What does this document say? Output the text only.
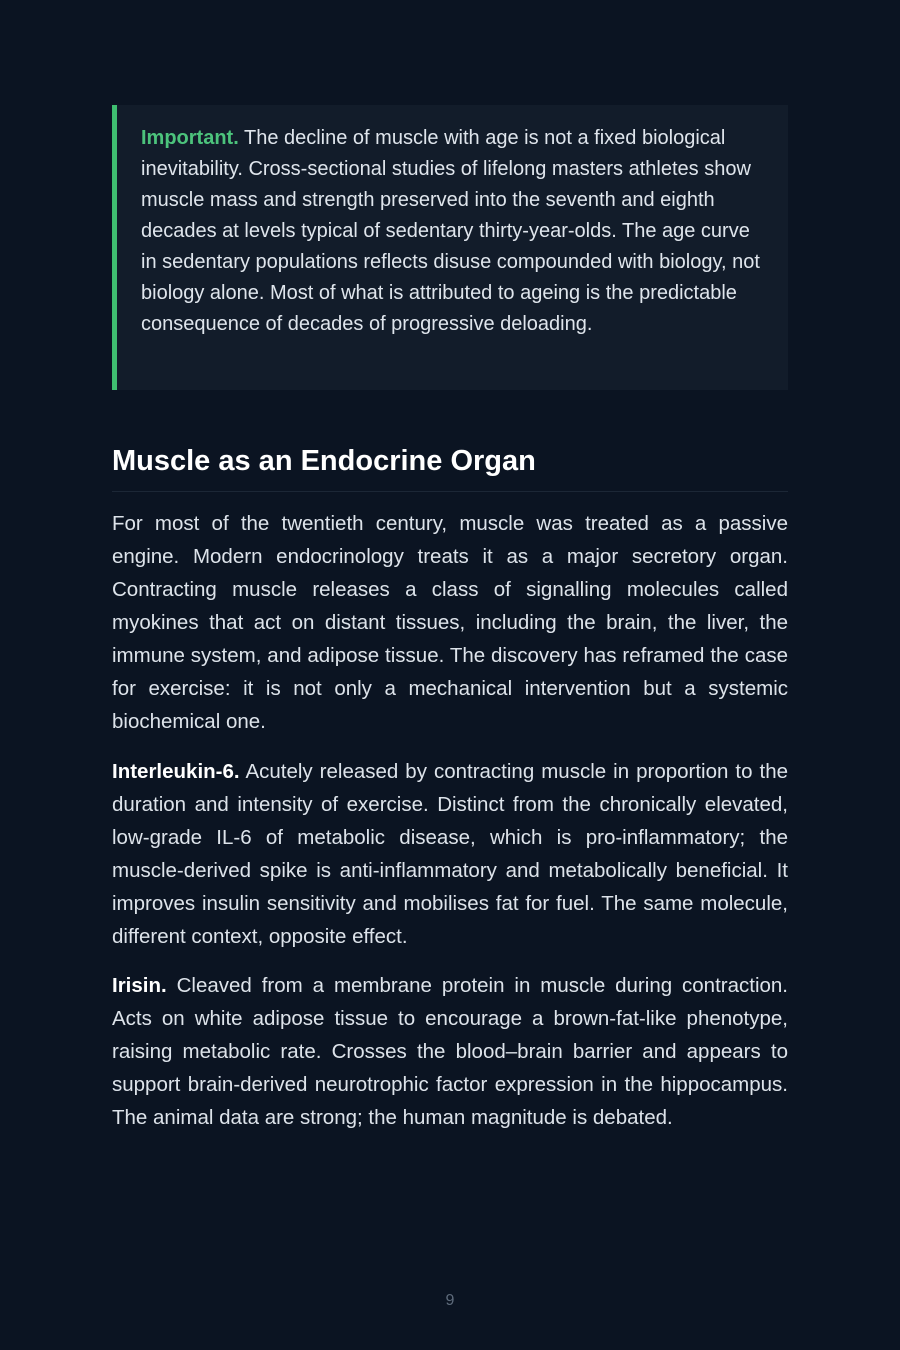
Important. The decline of muscle with age is not a fixed biological inevitability. Cross-sectional studies of lifelong masters athletes show muscle mass and strength preserved into the seventh and eighth decades at levels typical of sedentary thirty-year-olds. The age curve in sedentary populations reflects disuse compounded with biology, not biology alone. Most of what is attributed to ageing is the predictable consequence of decades of progressive deloading.
Muscle as an Endocrine Organ

For most of the twentieth century, muscle was treated as a passive engine. Modern endocrinology treats it as a major secretory organ. Contracting muscle releases a class of signalling molecules called myokines that act on distant tissues, including the brain, the liver, the immune system, and adipose tissue. The discovery has reframed the case for exercise: it is not only a mechanical intervention but a systemic biochemical one.

Interleukin-6. Acutely released by contracting muscle in proportion to the duration and intensity of exercise. Distinct from the chronically elevated, low-grade IL-6 of metabolic disease, which is pro-inflammatory; the muscle-derived spike is anti-inflammatory and metabolically beneficial. It improves insulin sensitivity and mobilises fat for fuel. The same molecule, different context, opposite effect.

Irisin. Cleaved from a membrane protein in muscle during contraction. Acts on white adipose tissue to encourage a brown-fat-like phenotype, raising metabolic rate. Crosses the blood–brain barrier and appears to support brain-derived neurotrophic factor expression in the hippocampus. The animal data are strong; the human magnitude is debated.

9
